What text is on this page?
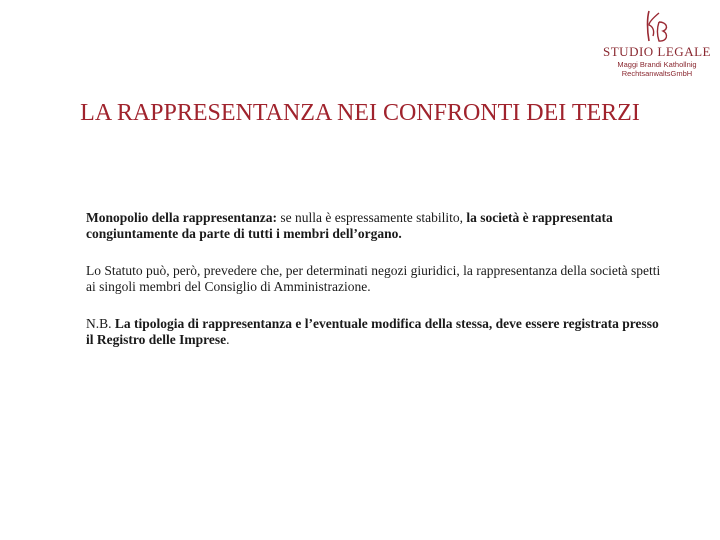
STUDIO LEGALE
Maggi Brandi Kathollnig
RechtsanwaltsGmbH
LA RAPPRESENTANZA NEI CONFRONTI DEI TERZI

Monopolio della rappresentanza: se nulla è espressamente stabilito, la società è rappresentata congiuntamente da parte di tutti i membri dell’organo.

Lo Statuto può, però, prevedere che, per determinati negozi giuridici, la rappresentanza della società spetti ai singoli membri del Consiglio di Amministrazione.

N.B. La tipologia di rappresentanza e l’eventuale modifica della stessa, deve essere registrata presso il Registro delle Imprese.
